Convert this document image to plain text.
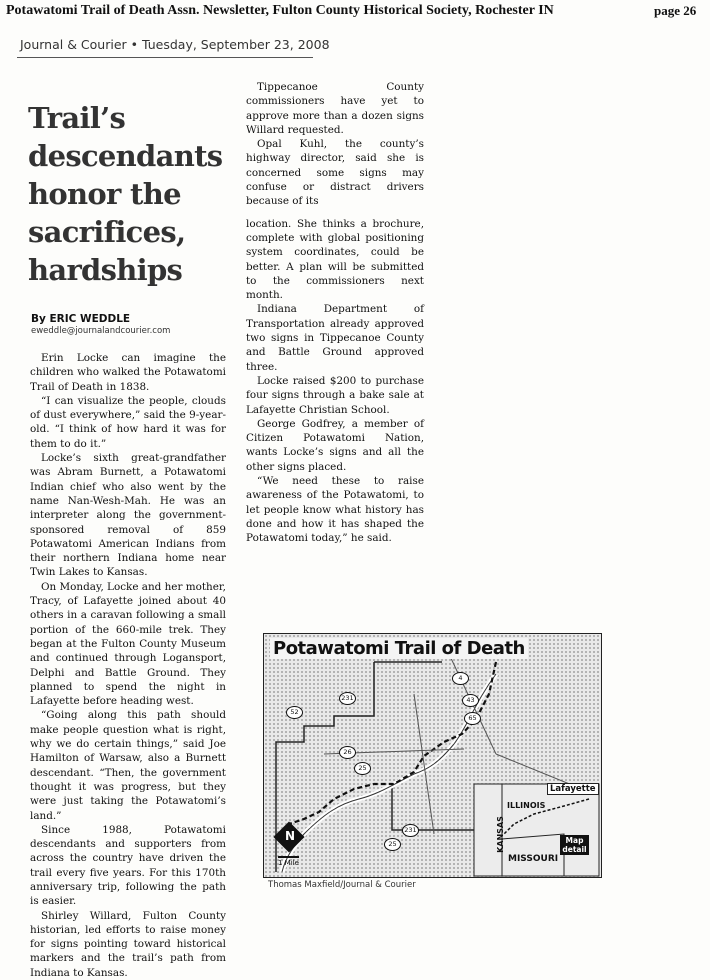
Potawatomi Trail of Death Assn. Newsletter, Fulton County Historical Society, Rochester IN	page 26
Journal & Courier • Tuesday, September 23, 2008
Trail’s descendants honor the sacrifices, hardships
By ERIC WEDDLE
eweddle@journalandcourier.com

Erin Locke can imagine the children who walked the Potawatomi Trail of Death in 1838.

“I can visualize the people, clouds of dust everywhere,” said the 9-year-old. “I think of how hard it was for them to do it.”

Locke’s sixth great-grandfather was Abram Burnett, a Potawatomi Indian chief who also went by the name Nan-Wesh-Mah. He was an interpreter along the government-sponsored removal of 859 Potawatomi American Indians from their northern Indiana home near Twin Lakes to Kansas.

On Monday, Locke and her mother, Tracy, of Lafayette joined about 40 others in a caravan following a small portion of the 660-mile trek. They began at the Fulton County Museum and continued through Logansport, Delphi and Battle Ground. They planned to spend the night in Lafayette before heading west.

“Going along this path should make people question what is right, why we do certain things,” said Joe Hamilton of Warsaw, also a Burnett descendant. “Then, the government thought it was progress, but they were just taking the Potawatomi’s land.”

Since 1988, Potawatomi descendants and supporters from across the country have driven the trail every five years. For this 170th anniversary trip, following the path is easier.

Shirley Willard, Fulton County historian, led efforts to raise money for signs pointing toward historical markers and the trail’s path from Indiana to Kansas.

Tippecanoe County commissioners have yet to approve more than a dozen signs Willard requested.

Opal Kuhl, the county’s highway director, said she is concerned some signs may confuse or distract drivers because of its

location. She thinks a brochure, complete with global positioning system coordinates, could be better. A plan will be submitted to the commissioners next month.

Indiana Department of Transportation already approved two signs in Tippecanoe County and Battle Ground approved three.

Locke raised $200 to purchase four signs through a bake sale at Lafayette Christian School.

George Godfrey, a member of Citizen Potawatomi Nation, wants Locke’s signs and all the other signs placed.

“We need these to raise awareness of the Potawatomi, to let people know what history has done and how it has shaped the Potawatomi today,” he said.

Potawatomi Trail of Death
231
52
43
65
26
25
231
25
4
Lafayette
ILLINOIS
MISSOURI
KANSAS	Map detail
N
1 Mile
Thomas Maxfield/Journal & Courier
